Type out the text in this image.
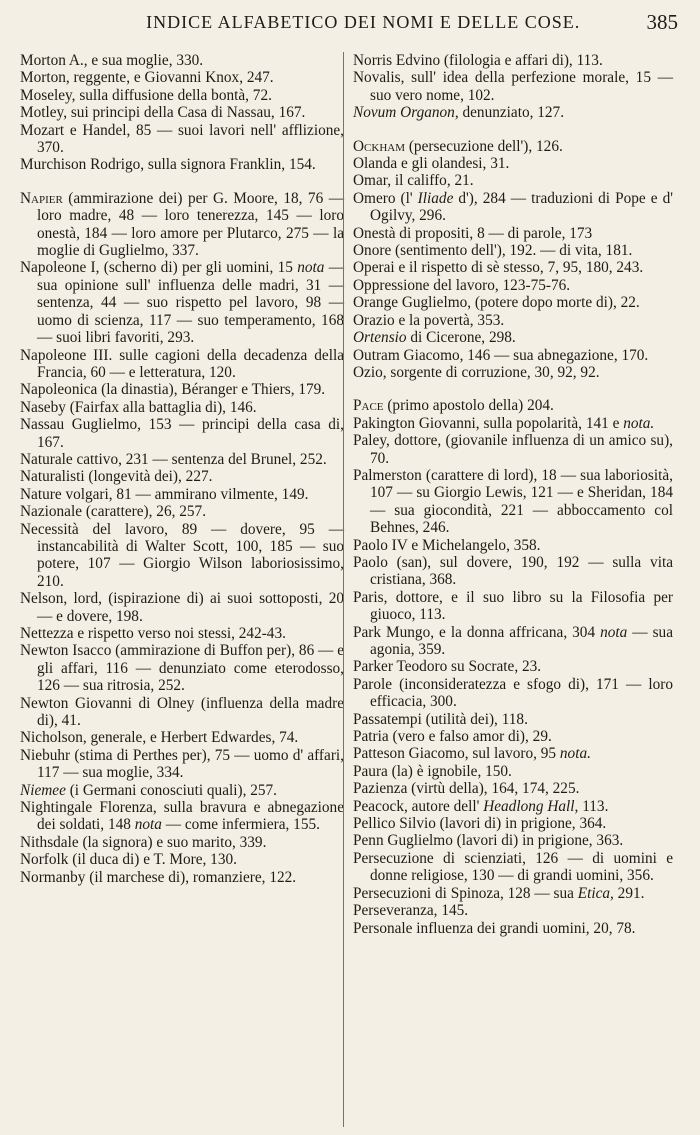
INDICE ALFABETICO DEI NOMI E DELLE COSE.	385
Morton A., e sua moglie, 330.
Morton, reggente, e Giovanni Knox, 247.
Moseley, sulla diffusione della bontà, 72.
Motley, sui principi della Casa di Nassau, 167.
Mozart e Handel, 85 — suoi lavori nell' afflizione, 370.
Murchison Rodrigo, sulla signora Franklin, 154.
Napier (ammirazione dei) per G. Moore, 18, 76 — loro madre, 48 — loro tenerezza, 145 — loro onestà, 184 — loro amore per Plutarco, 275 — la moglie di Guglielmo, 337.
Napoleone I, (scherno di) per gli uomini, 15 nota — sua opinione sull' influenza delle madri, 31 — sentenza, 44 — suo rispetto pel lavoro, 98 — uomo di scienza, 117 — suo temperamento, 168 — suoi libri favoriti, 293.
Napoleone III. sulle cagioni della decadenza della Francia, 60 — e letteratura, 120.
Napoleonica (la dinastia), Béranger e Thiers, 179.
Naseby (Fairfax alla battaglia di), 146.
Nassau Guglielmo, 153 — principi della casa di, 167.
Naturale cattivo, 231 — sentenza del Brunel, 252.
Naturalisti (longevità dei), 227.
Nature volgari, 81 — ammirano vilmente, 149.
Nazionale (carattere), 26, 257.
Necessità del lavoro, 89 — dovere, 95 — instancabilità di Walter Scott, 100, 185 — suo potere, 107 — Giorgio Wilson laboriosissimo, 210.
Nelson, lord, (ispirazione di) ai suoi sottoposti, 20 — e dovere, 198.
Nettezza e rispetto verso noi stessi, 242-43.
Newton Isacco (ammirazione di Buffon per), 86 — e gli affari, 116 — denunziato come eterodosso, 126 — sua ritrosia, 252.
Newton Giovanni di Olney (influenza della madre di), 41.
Nicholson, generale, e Herbert Edwardes, 74.
Niebuhr (stima di Perthes per), 75 — uomo d' affari, 117 — sua moglie, 334.
Niemee (i Germani conosciuti quali), 257.
Nightingale Florenza, sulla bravura e abnegazione dei soldati, 148 nota — come infermiera, 155.
Nithsdale (la signora) e suo marito, 339.
Norfolk (il duca di) e T. More, 130.
Normanby (il marchese di), romanziere, 122.
Norris Edvino (filologia e affari di), 113.
Novalis, sull' idea della perfezione morale, 15 — suo vero nome, 102.
Novum Organon, denunziato, 127.
Ockham (persecuzione dell'), 126.
Olanda e gli olandesi, 31.
Omar, il califfo, 21.
Omero (l' Iliade d'), 284 — traduzioni di Pope e d' Ogilvy, 296.
Onestà di propositi, 8 — di parole, 173
Onore (sentimento dell'), 192. — di vita, 181.
Operai e il rispetto di sè stesso, 7, 95, 180, 243.
Oppressione del lavoro, 123-75-76.
Orange Guglielmo, (potere dopo morte di), 22.
Orazio e la povertà, 353.
Ortensio di Cicerone, 298.
Outram Giacomo, 146 — sua abnegazione, 170.
Ozio, sorgente di corruzione, 30, 92, 92.
Pace (primo apostolo della) 204.
Pakington Giovanni, sulla popolarità, 141 e nota.
Paley, dottore, (giovanile influenza di un amico su), 70.
Palmerston (carattere di lord), 18 — sua laboriosità, 107 — su Giorgio Lewis, 121 — e Sheridan, 184 — sua giocondità, 221 — abboccamento col Behnes, 246.
Paolo IV e Michelangelo, 358.
Paolo (san), sul dovere, 190, 192 — sulla vita cristiana, 368.
Paris, dottore, e il suo libro su la Filosofia per giuoco, 113.
Park Mungo, e la donna affricana, 304 nota — sua agonia, 359.
Parker Teodoro su Socrate, 23.
Parole (inconsideratezza e sfogo di), 171 — loro efficacia, 300.
Passatempi (utilità dei), 118.
Patria (vero e falso amor di), 29.
Patteson Giacomo, sul lavoro, 95 nota.
Paura (la) è ignobile, 150.
Pazienza (virtù della), 164, 174, 225.
Peacock, autore dell' Headlong Hall, 113.
Pellico Silvio (lavori di) in prigione, 364.
Penn Guglielmo (lavori di) in prigione, 363.
Persecuzione di scienziati, 126 — di uomini e donne religiose, 130 — di grandi uomini, 356.
Persecuzioni di Spinoza, 128 — sua Etica, 291.
Perseveranza, 145.
Personale influenza dei grandi uomini, 20, 78.
